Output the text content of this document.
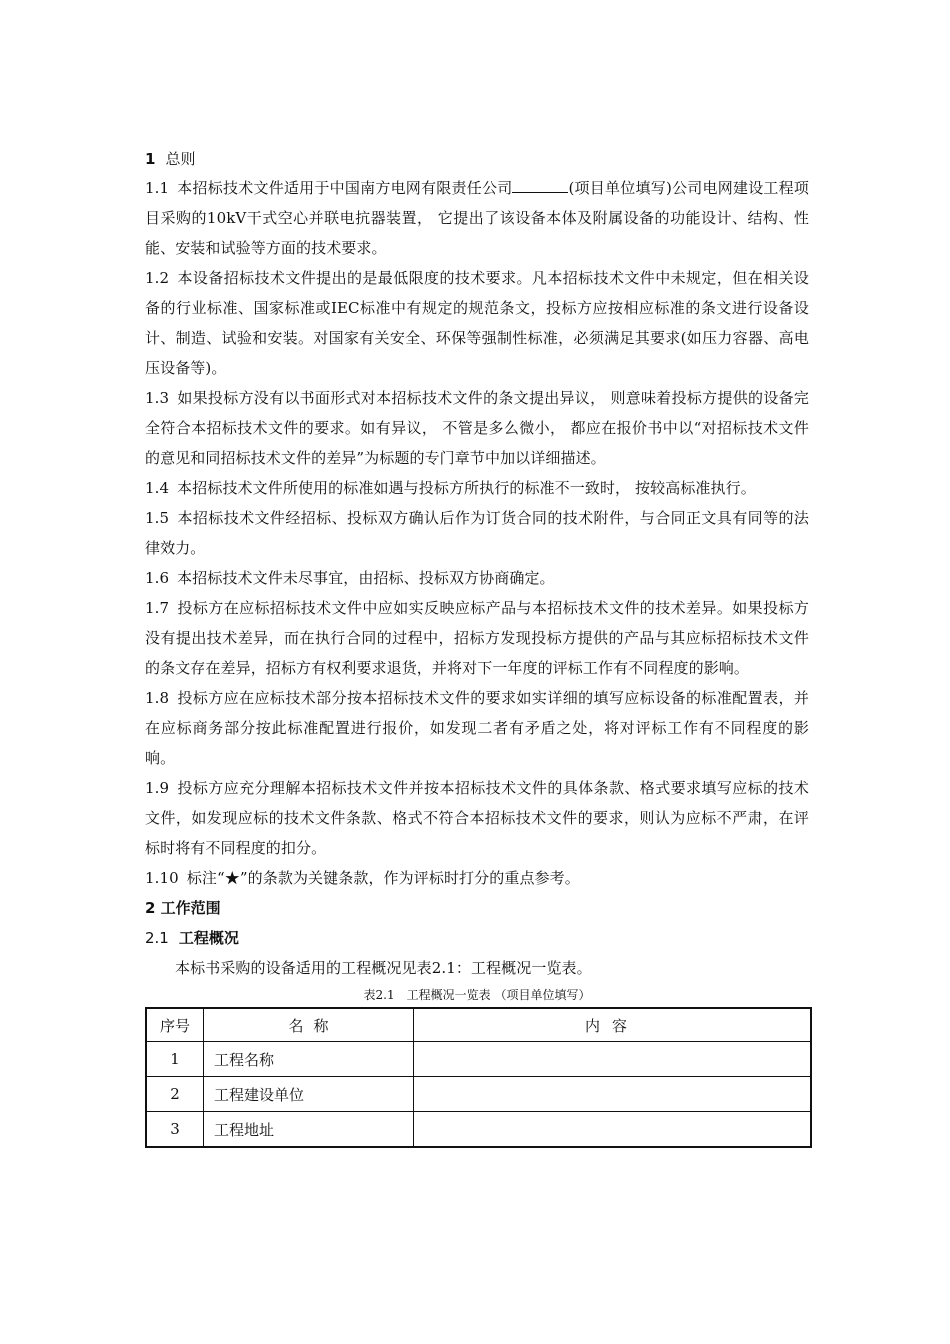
1 总则
1.1 本招标技术文件适用于中国南方电网有限责任公司	(项目单位填写)公司电网建设工程项目采购的10kV干式空心并联电抗器装置， 它提出了该设备本体及附属设备的功能设计、结构、性能、安装和试验等方面的技术要求。
1.2 本设备招标技术文件提出的是最低限度的技术要求。凡本招标技术文件中未规定，但在相关设备的行业标准、国家标准或IEC标准中有规定的规范条文，投标方应按相应标准的条文进行设备设计、制造、试验和安装。对国家有关安全、环保等强制性标准，必须满足其要求(如压力容器、高电压设备等)。
1.3 如果投标方没有以书面形式对本招标技术文件的条文提出异议， 则意味着投标方提供的设备完全符合本招标技术文件的要求。如有异议， 不管是多么微小， 都应在报价书中以“对招标技术文件的意见和同招标技术文件的差异”为标题的专门章节中加以详细描述。
1.4 本招标技术文件所使用的标准如遇与投标方所执行的标准不一致时， 按较高标准执行。
1.5 本招标技术文件经招标、投标双方确认后作为订货合同的技术附件，与合同正文具有同等的法律效力。
1.6 本招标技术文件未尽事宜，由招标、投标双方协商确定。
1.7 投标方在应标招标技术文件中应如实反映应标产品与本招标技术文件的技术差异。如果投标方没有提出技术差异，而在执行合同的过程中，招标方发现投标方提供的产品与其应标招标技术文件的条文存在差异，招标方有权利要求退货，并将对下一年度的评标工作有不同程度的影响。
1.8 投标方应在应标技术部分按本招标技术文件的要求如实详细的填写应标设备的标准配置表，并在应标商务部分按此标准配置进行报价，如发现二者有矛盾之处，将对评标工作有不同程度的影响。
1.9 投标方应充分理解本招标技术文件并按本招标技术文件的具体条款、格式要求填写应标的技术文件，如发现应标的技术文件条款、格式不符合本招标技术文件的要求，则认为应标不严肃，在评标时将有不同程度的扣分。
1.10 标注“★”的条款为关键条款，作为评标时打分的重点参考。
2 工作范围
2.1 工程概况
本标书采购的设备适用的工程概况见表2.1：工程概况一览表。
表2.1　工程概况一览表 （项目单位填写）
序号	名称	内容
1	工程名称	
2	工程建设单位	
3	工程地址	
